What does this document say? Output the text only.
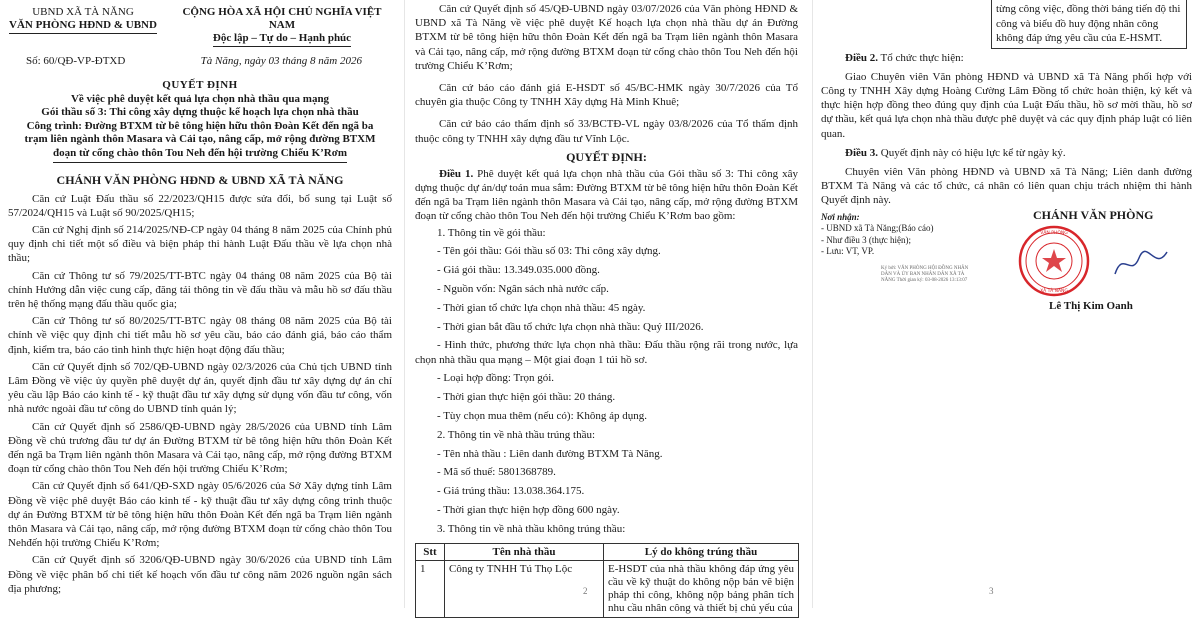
UBND XÃ TÀ NĂNG
VĂN PHÒNG HĐND & UBND
CỘNG HÒA XÃ HỘI CHỦ NGHĨA VIỆT NAM
Độc lập – Tự do – Hạnh phúc
Số: 60/QĐ-VP-ĐTXD	Tà Năng, ngày 03 tháng 8 năm 2026
QUYẾT ĐỊNH
Về việc phê duyệt kết quả lựa chọn nhà thầu qua mạng
Gói thầu số 3: Thi công xây dựng thuộc kế hoạch lựa chọn nhà thầu
Công trình: Đường BTXM từ bê tông hiện hữu thôn Đoàn Kết đến ngã ba
trạm liên ngành thôn Masara và Cải tạo, nâng cấp, mở rộng đường BTXM
đoạn từ cổng chào thôn Tou Neh đến hội trường Chiểu K’Rơm
CHÁNH VĂN PHÒNG HĐND & UBND XÃ TÀ NĂNG

Căn cứ Luật Đấu thầu số 22/2023/QH15 được sửa đổi, bổ sung tại Luật số 57/2024/QH15 và Luật số 90/2025/QH15;

Căn cứ Nghị định số 214/2025/NĐ-CP ngày 04 tháng 8 năm 2025 của Chính phủ quy định chi tiết một số điều và biện pháp thi hành Luật Đấu thầu về lựa chọn nhà thầu;

Căn cứ Thông tư số 79/2025/TT-BTC ngày 04 tháng 08 năm 2025 của Bộ tài chính Hướng dẫn việc cung cấp, đăng tải thông tin về đấu thầu và mẫu hồ sơ đấu thầu trên hệ thống mạng đấu thầu quốc gia;

Căn cứ Thông tư số 80/2025/TT-BTC ngày 08 tháng 08 năm 2025 của Bộ tài chính về việc quy định chi tiết mẫu hồ sơ yêu cầu, báo cáo đánh giá, báo cáo thẩm định, kiểm tra, báo cáo tình hình thực hiện hoạt động đấu thầu;

Căn cứ Quyết định số 702/QĐ-UBND ngày 02/3/2026 của Chủ tịch UBND tỉnh Lâm Đồng về việc ủy quyền phê duyệt dự án, quyết định đầu tư xây dựng dự án chỉ yêu cầu lập Báo cáo kinh tế - kỹ thuật đầu tư xây dựng sử dụng vốn đầu tư công, vốn nhà nước ngoài đầu tư công do UBND tỉnh quản lý;

Căn cứ Quyết định số 2586/QĐ-UBND ngày 28/5/2026 của UBND tỉnh Lâm Đồng về chủ trương đầu tư dự án Đường BTXM từ bê tông hiện hữu thôn Đoàn Kết đến ngã ba Trạm liên ngành thôn Masara và Cải tạo, nâng cấp, mở rộng đường BTXM đoạn từ cổng chào thôn Tou Neh đến hội trường Chiểu K’Rơm;

Căn cứ Quyết định số 641/QĐ-SXD ngày 05/6/2026 của Sở Xây dựng tỉnh Lâm Đồng về việc phê duyệt Báo cáo kinh tế - kỹ thuật đầu tư xây dựng công trình thuộc dự án Đường BTXM từ bê tông hiện hữu thôn Đoàn Kết đến ngã ba Trạm liên ngành thôn Masara và Cải tạo, nâng cấp, mở rộng đường BTXM đoạn từ cổng chào thôn Tou Nehđến hội trường Chiểu K’Rơm;

Căn cứ Quyết định số 3206/QĐ-UBND ngày 30/6/2026 của UBND tỉnh Lâm Đồng về việc phân bổ chi tiết kế hoạch vốn đầu tư công năm 2026 nguồn ngân sách địa phương;

Căn cứ Quyết định số 45/QĐ-UBND ngày 03/07/2026 của Văn phòng HĐND & UBND xã Tà Năng về việc phê duyệt Kế hoạch lựa chọn nhà thầu dự án Đường BTXM từ bê tông hiện hữu thôn Đoàn Kết đến ngã ba Trạm liên ngành thôn Masara và Cải tạo, nâng cấp, mở rộng đường BTXM đoạn từ cổng chào thôn Tou Neh đến hội trường Chiểu K’Rơm;

Căn cứ báo cáo đánh giá E-HSDT số 45/BC-HMK ngày 30/7/2026 của Tổ chuyên gia thuộc Công ty TNHH Xây dựng Hà Minh Khuê;

Căn cứ báo cáo thẩm định số 33/BCTĐ-VL ngày 03/8/2026 của Tổ thẩm định thuộc công ty TNHH xây dựng đầu tư Vĩnh Lộc.

QUYẾT ĐỊNH:

Điều 1. Phê duyệt kết quả lựa chọn nhà thầu của Gói thầu số 3: Thi công xây dựng thuộc dự án/dự toán mua sắm: Đường BTXM từ bê tông hiện hữu thôn Đoàn Kết đến ngã ba Trạm liên ngành thôn Masara và Cải tạo, nâng cấp, mở rộng đường BTXM đoạn từ cổng chào thôn Tou Neh đến hội trường Chiểu K’Rơm bao gồm:

1. Thông tin về gói thầu:

- Tên gói thầu: Gói thầu số 03: Thi công xây dựng.

- Giá gói thầu: 13.349.035.000 đồng.

- Nguồn vốn: Ngân sách nhà nước cấp.

- Thời gian tổ chức lựa chọn nhà thầu: 45 ngày.

- Thời gian bắt đầu tổ chức lựa chọn nhà thầu: Quý III/2026.

- Hình thức, phương thức lựa chọn nhà thầu: Đấu thầu rộng rãi trong nước, lựa chọn nhà thầu qua mạng – Một giai đoạn 1 túi hồ sơ.

- Loại hợp đồng: Trọn gói.

- Thời gian thực hiện gói thầu: 20 tháng.

- Tùy chọn mua thêm (nếu có): Không áp dụng.

2. Thông tin về nhà thầu trúng thầu:

- Tên nhà thầu : Liên danh đường BTXM Tà Năng.

- Mã số thuế: 5801368789.

- Giá trúng thầu: 13.038.364.175.

- Thời gian thực hiện hợp đồng 600 ngày.

3. Thông tin về nhà thầu không trúng thầu:

Stt	Tên nhà thầu	Lý do không trúng thầu
1	Công ty TNHH Tú Thọ Lộc	E-HSDT của nhà thầu không đáp ứng yêu cầu về kỹ thuật do không nộp bản vẽ biện pháp thi công, không nộp bảng phân tích nhu cầu nhân công và thiết bị chủ yếu của
2
từng công việc, đồng thời bảng tiến độ thi công và biểu đồ huy động nhân công không đáp ứng yêu cầu của E-HSMT.

Điều 2. Tổ chức thực hiện:

Giao Chuyên viên Văn phòng HĐND và UBND xã Tà Năng phối hợp với Công ty TNHH Xây dựng Hoàng Cường Lâm Đồng tổ chức hoàn thiện, ký kết và thực hiện hợp đồng theo đúng quy định của Luật Đấu thầu, hồ sơ mời thầu, hồ sơ dự thầu, kết quả lựa chọn nhà thầu được phê duyệt và các quy định pháp luật có liên quan.

Điều 3. Quyết định này có hiệu lực kể từ ngày ký.

Chuyên viên Văn phòng HĐND và UBND xã Tà Năng; Liên danh đường BTXM Tà Năng và các tổ chức, cá nhân có liên quan chịu trách nhiệm thi hành Quyết định này.

Nơi nhận:
- UBND xã Tà Năng;(Báo cáo)
- Như điều 3 (thực hiện);
- Lưu: VT, VP.
Ký bởi: VĂN PHÒNG HỘI ĐỒNG NHÂN DÂN VÀ ỦY BAN NHÂN DÂN XÃ TÀ NĂNG Thời gian ký: 03-08-2026 13:13:07
CHÁNH VĂN PHÒNG
VĂN PHÒNG
XÃ TÀ NĂNG
Lê Thị Kim Oanh
3
